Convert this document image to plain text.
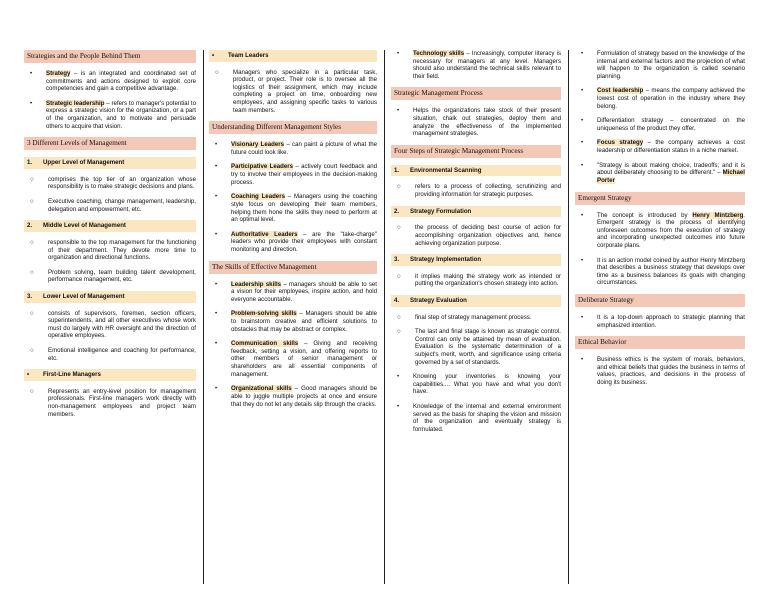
Strategies and the People Behind Them
• Strategy – is an integrated and coordinated set of commitments and actions designed to exploit core competencies and gain a competitive advantage.
• Strategic leadership – refers to manager's potential to express a strategic vision for the organization, or a part of the organization, and to motivate and persuade others to acquire that vision.
3 Different Levels of Management
1.	Upper Level of Management
○ comprises the top tier of an organization whose responsibility is to make strategic decisions and plans.
○ Executive coaching, change management, leadership, delegation and empowerment, etc.
2.	Middle Level of Management
○ responsible to the top management for the functioning of their department. They devote more time to organization and directional functions.
○ Problem solving, team building talent development, performance management, etc.
3.	Lower Level of Management
○ consists of supervisors, foremen, section officers, superintendents, and all other executives whose work must do largely with HR oversight and the direction of operative employees.
○ Emotional intelligence and coaching for performance, etc.
•	First-Line Managers
○ Represents an entry-level position for management professionals. First-line managers work directly with non-management employees and project team members.
•	Team Leaders
○ Managers who specialize in a particular task, product, or project. Their role is to oversee all the logistics of their assignment, which may include completing a project on time, onboarding new employees, and assigning specific tasks to various team members.
Understanding Different Management Styles
• Visionary Leaders – can paint a picture of what the future could look like.
• Participative Leaders – actively court feedback and try to involve their employees in the decision-making process.
• Coaching Leaders – Managers using the coaching style focus on developing their team members, helping them hone the skills they need to perform at an optimal level.
• Authoritative Leaders – are the "take-charge" leaders who provide their employees with constant monitoring and direction.
The Skills of Effective Management
• Leadership skills – managers should be able to set a vision for their employees, inspire action, and hold everyone accountable.
• Problem-solving skills – Managers should be able to brainstorm creative and efficient solutions to obstacles that may be abstract or complex.
• Communication skills – Giving and receiving feedback, setting a vision, and offering reports to other members of senior management or shareholders are all essential components of management.
• Organizational skills – Good managers should be able to juggle multiple projects at once and ensure that they do not let any details slip through the cracks.
• Technology skills – Increasingly, computer literacy is necessary for managers at any level. Managers should also understand the technical skills relevant to their field.
Strategic Management Process
• Helps the organizations take stock of their present situation, chalk out strategies, deploy them and analyze the effectiveness of the implemented management strategies.
Four Steps of Strategic Management Process
1.	Environmental Scanning
○ refers to a process of collecting, scrutinizing and providing information for strategic purposes.
2.	Strategy Formulation
○ the process of deciding best course of action for accomplishing organization objectives and, hence achieving organization purpose.
3.	Strategy Implementation
○ it implies making the strategy work as intended or putting the organization's chosen strategy into action.
4.	Strategy Evaluation
○ final step of strategy management process.
○ The last and final stage is known as strategic control. Control can only be attained by mean of evaluation. Evaluation is the systematic determination of a subject's merit, worth, and significance using criteria governed by a set of standards.
• Knowing your inventories is knowing your capabilities.... What you have and what you don't have.
• Knowledge of the internal and external environment served as the basis for shaping the vision and mission of the organization and eventually strategy is formulated.
• Formulation of strategy based on the knowledge of the internal and external factors and the projection of what will happen to the organization is called scenario planning.
• Cost leadership – means the company achieved the lowest cost of operation in the industry where they belong.
• Differentiation strategy – concentrated on the uniqueness of the product they offer.
• Focus strategy – the company achieves a cost leadership or differentiation status in a niche market.
• "Strategy is about making choice, tradeoffs; and it is about deliberately choosing to be different." – Michael Porter
Emergent Strategy
• The concept is introduced by Henry Mintzberg. Emergent strategy is the process of identifying unforeseen outcomes from the execution of strategy and incorporating unexpected outcomes into future corporate plans.
• It is an action model coined by author Henry Mintzberg that describes a business strategy that develops over time as a business balances its goals with changing circumstances.
Deliberate Strategy
• It is a top-down approach to strategic planning that emphasized intention.
Ethical Behavior
• Business ethics is the system of morals, behaviors, and ethical beliefs that guides the business in terms of values, practices, and decisions in the process of doing its business.
